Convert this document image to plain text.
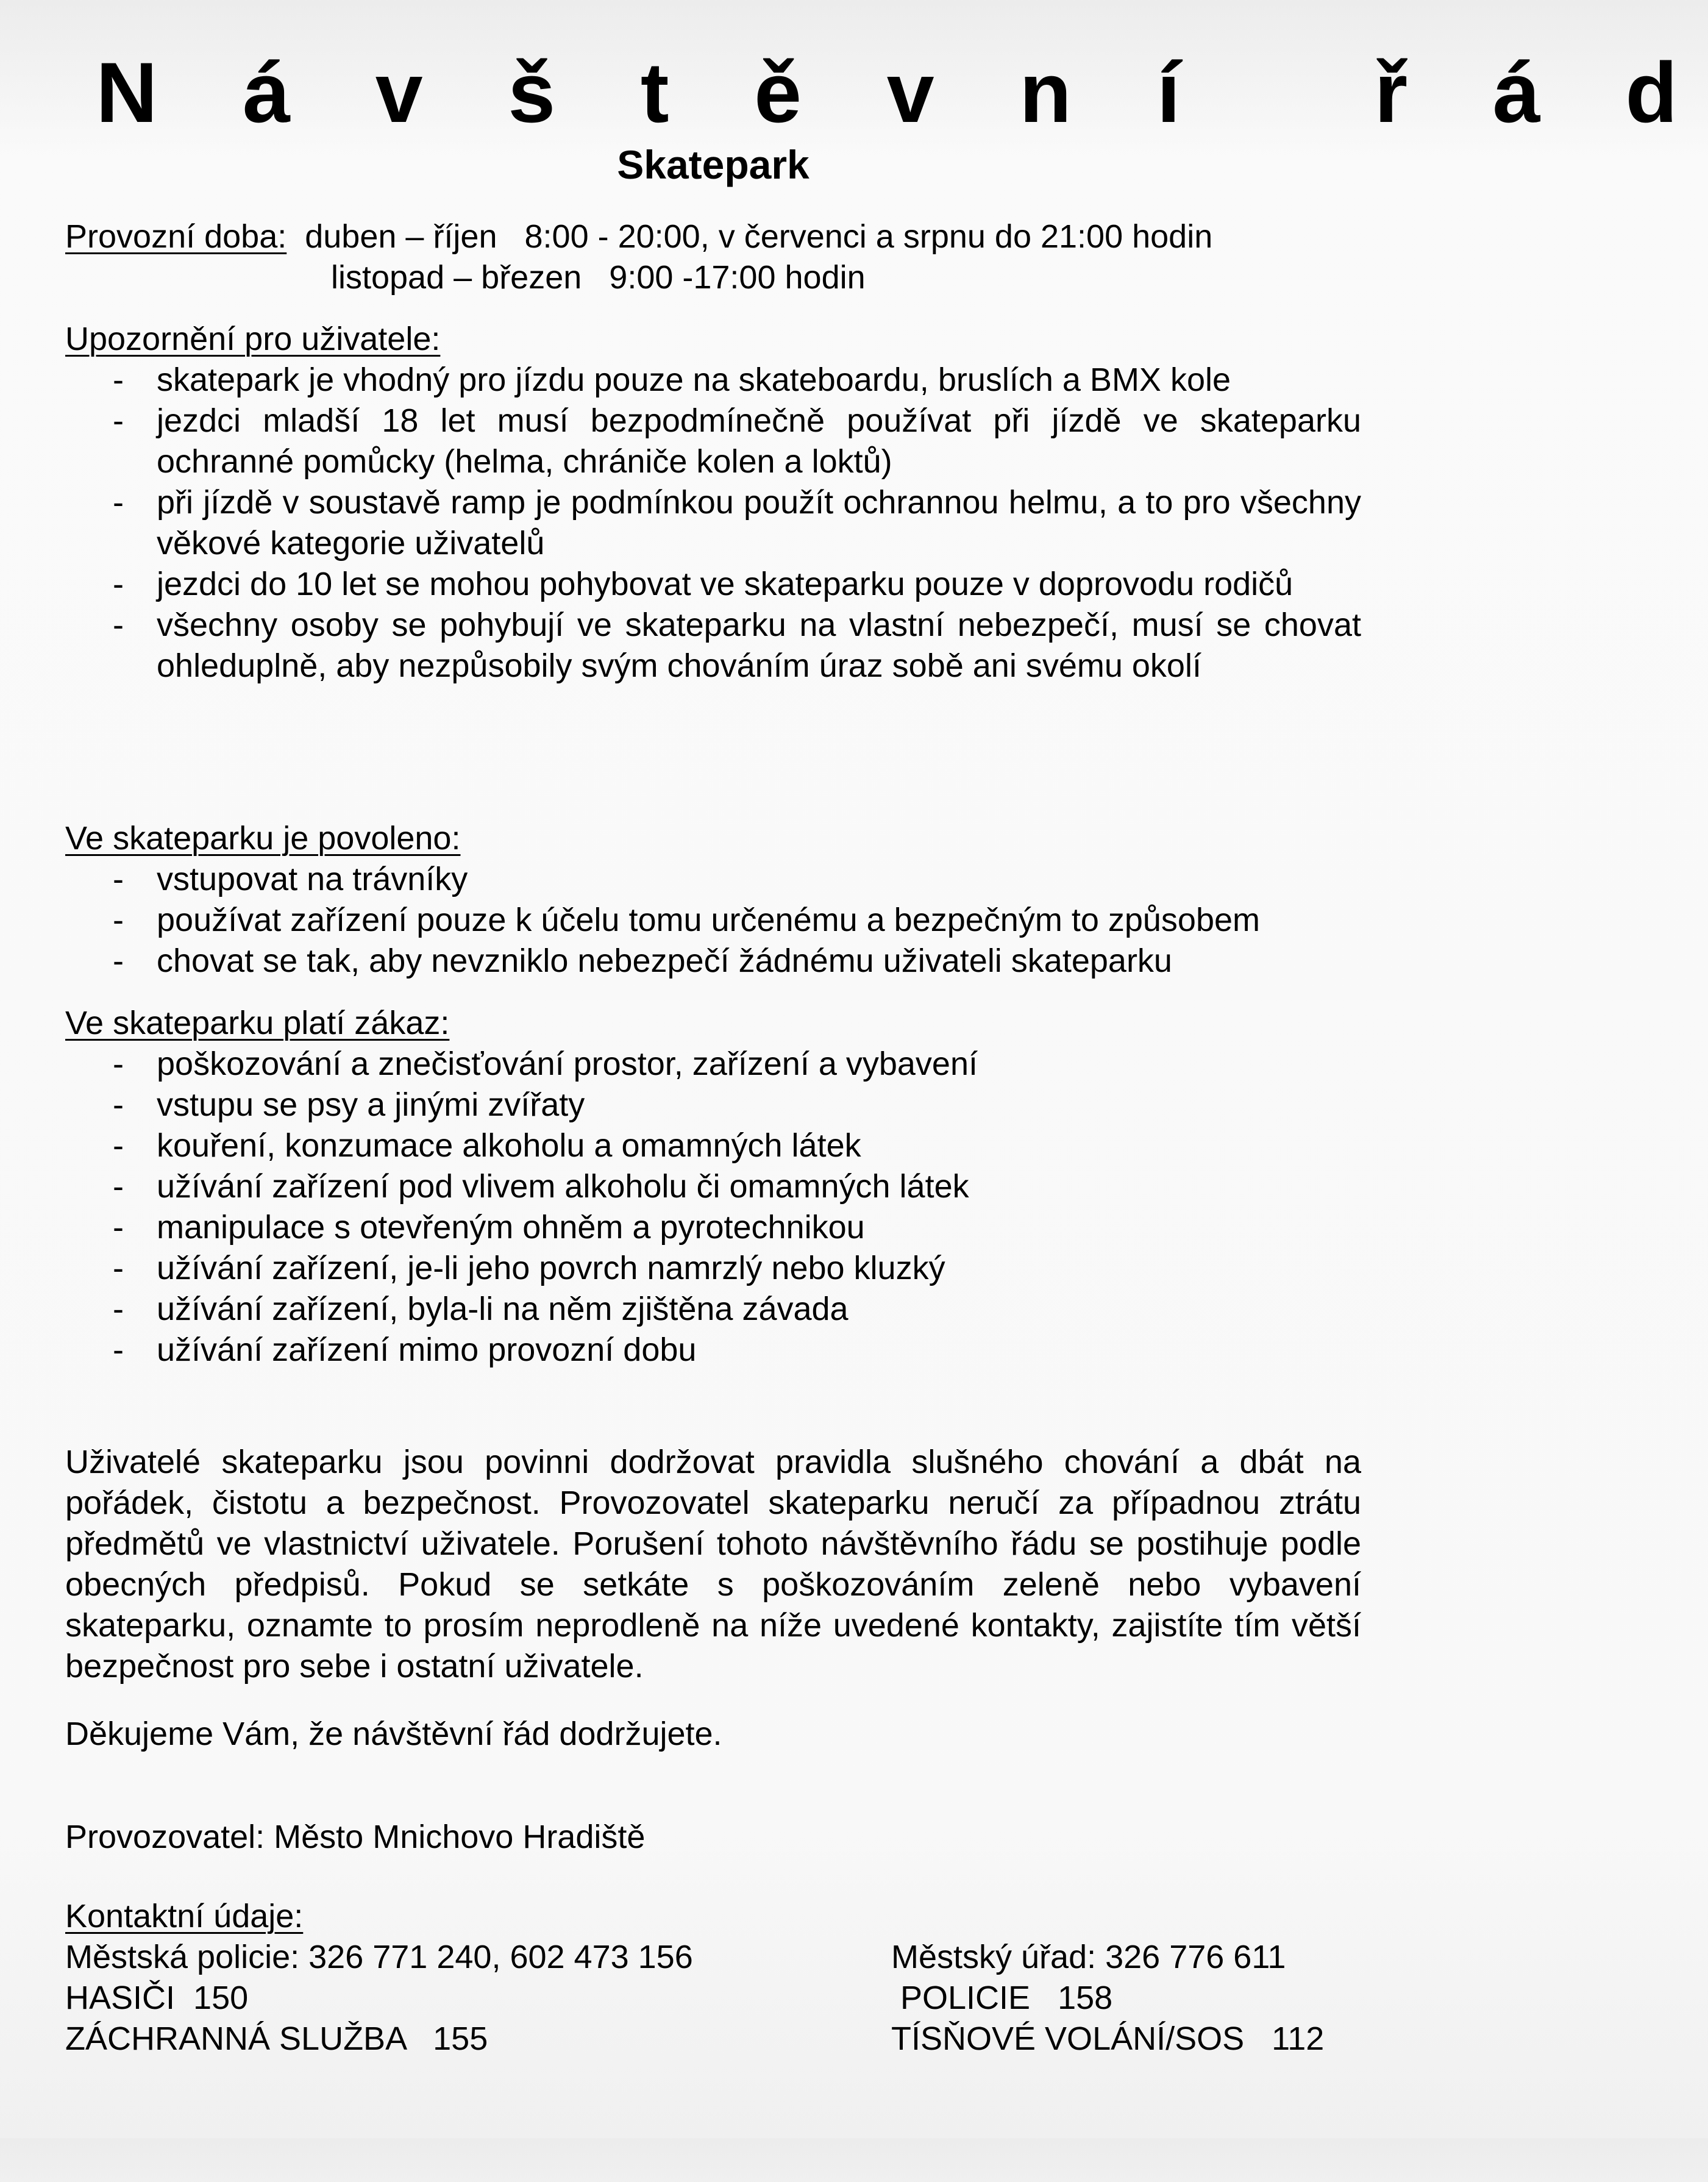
N á v š t ě v n í   ř á d
Skatepark
Provozní doba:  duben – říjen   8:00 - 20:00, v červenci a srpnu do 21:00 hodin
listopad – březen   9:00 -17:00 hodin
Upozornění pro uživatele:
- skatepark je vhodný pro jízdu pouze na skateboardu, bruslích a BMX kole
- jezdci mladší 18 let musí bezpodmínečně používat při jízdě ve skateparku ochranné pomůcky (helma, chrániče kolen a loktů)
- při jízdě v soustavě ramp je podmínkou použít ochrannou helmu, a to pro všechny věkové kategorie uživatelů
- jezdci do 10 let se mohou pohybovat ve skateparku pouze v doprovodu rodičů
- všechny osoby se pohybují ve skateparku na vlastní nebezpečí, musí se chovat ohleduplně, aby nezpůsobily svým chováním úraz sobě ani svému okolí
Ve skateparku je povoleno:
- vstupovat na trávníky
- používat zařízení pouze k účelu tomu určenému a bezpečným to způsobem
- chovat se tak, aby nevzniklo nebezpečí žádnému uživateli skateparku
Ve skateparku platí zákaz:
- poškozování a znečisťování prostor, zařízení a vybavení
- vstupu se psy a jinými zvířaty
- kouření, konzumace alkoholu a omamných látek
- užívání zařízení pod vlivem alkoholu či omamných látek
- manipulace s otevřeným ohněm a pyrotechnikou
- užívání zařízení, je-li jeho povrch namrzlý nebo kluzký
- užívání zařízení, byla-li na něm zjištěna závada
- užívání zařízení mimo provozní dobu
Uživatelé skateparku jsou povinni dodržovat pravidla slušného chování a dbát na pořádek, čistotu a bezpečnost. Provozovatel skateparku neručí za případnou ztrátu předmětů ve vlastnictví uživatele. Porušení tohoto návštěvního řádu se postihuje podle obecných předpisů. Pokud se setkáte s poškozováním zeleně nebo vybavení skateparku, oznamte to prosím neprodleně na níže uvedené kontakty, zajistíte tím větší bezpečnost pro sebe i ostatní uživatele.
Děkujeme Vám, že návštěvní řád dodržujete.
Provozovatel: Město Mnichovo Hradiště
Kontaktní údaje:

Městská policie: 326 771 240, 602 473 156

	Městský úřad: 326 776 611

HASIČI  150

	POLICIE   158

ZÁCHRANNÁ SLUŽBA   155

	TÍSŇOVÉ VOLÁNÍ/SOS   112
